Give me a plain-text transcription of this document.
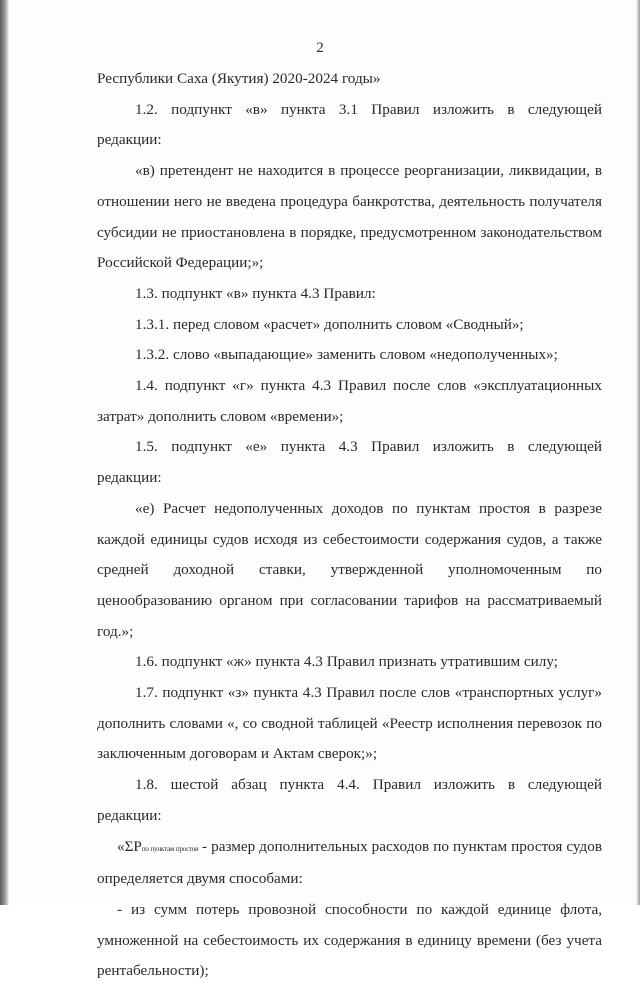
2

Республики Саха (Якутия) 2020-2024 годы»

1.2. подпункт «в» пункта 3.1 Правил изложить в следующей редакции:

«в) претендент не находится в процессе реорганизации, ликвидации, в отношении него не введена процедура банкротства, деятельность получателя субсидии не приостановлена в порядке, предусмотренном законодательством Российской Федерации;»;

1.3. подпункт «в» пункта 4.3 Правил:

1.3.1. перед словом «расчет» дополнить словом «Сводный»;

1.3.2. слово «выпадающие» заменить словом «недополученных»;

1.4. подпункт «г» пункта 4.3 Правил после слов «эксплуатационных затрат» дополнить словом «времени»;

1.5. подпункт «е» пункта 4.3 Правил изложить в следующей редакции:

«е) Расчет недополученных доходов по пунктам простоя в разрезе каждой единицы судов исходя из себестоимости содержания судов, а также средней доходной ставки, утвержденной уполномоченным по ценообразованию органом при согласовании тарифов на рассматриваемый год.»;

1.6. подпункт «ж» пункта 4.3 Правил признать утратившим силу;

1.7. подпункт «з» пункта 4.3 Правил после слов «транспортных услуг» дополнить словами «, со сводной таблицей «Реестр исполнения перевозок по заключенным договорам и Актам сверок;»;

1.8. шестой абзац пункта 4.4. Правил изложить в следующей редакции:

«ΣРпо пунктам простоя - размер дополнительных расходов по пунктам простоя судов определяется двумя способами:

- из сумм потерь провозной способности по каждой единице флота, умноженной на себестоимость их содержания в единицу времени (без учета рентабельности);
